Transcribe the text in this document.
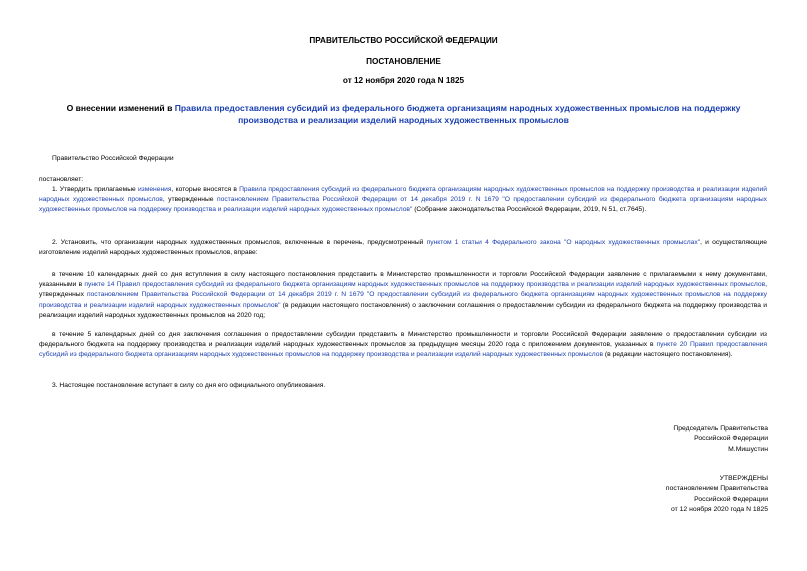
ПРАВИТЕЛЬСТВО РОССИЙСКОЙ ФЕДЕРАЦИИ
ПОСТАНОВЛЕНИЕ
от 12 ноября 2020 года N 1825
О внесении изменений в Правила предоставления субсидий из федерального бюджета организациям народных художественных промыслов на поддержку производства и реализации изделий народных художественных промыслов

Правительство Российской Федерации

постановляет:

1. Утвердить прилагаемые изменения, которые вносятся в Правила предоставления субсидий из федерального бюджета организациям народных художественных промыслов на поддержку производства и реализации изделий народных художественных промыслов, утвержденные постановлением Правительства Российской Федерации от 14 декабря 2019 г. N 1679 "О предоставлении субсидий из федерального бюджета организациям народных художественных промыслов на поддержку производства и реализации изделий народных художественных промыслов" (Собрание законодательства Российской Федерации, 2019, N 51, ст.7645).

2. Установить, что организации народных художественных промыслов, включенные в перечень, предусмотренный пунктом 1 статьи 4 Федерального закона "О народных художественных промыслах", и осуществляющие изготовление изделий народных художественных промыслов, вправе:

в течение 10 календарных дней со дня вступления в силу настоящего постановления представить в Министерство промышленности и торговли Российской Федерации заявление с прилагаемыми к нему документами, указанными в пункте 14 Правил предоставления субсидий из федерального бюджета организациям народных художественных промыслов на поддержку производства и реализации изделий народных художественных промыслов, утвержденных постановлением Правительства Российской Федерации от 14 декабря 2019 г. N 1679 "О предоставлении субсидий из федерального бюджета организациям народных художественных промыслов на поддержку производства и реализации изделий народных художественных промыслов" (в редакции настоящего постановления) о заключении соглашения о предоставлении субсидии из федерального бюджета на поддержку производства и реализации изделий народных художественных промыслов на 2020 год;

в течение 5 календарных дней со дня заключения соглашения о предоставлении субсидии представить в Министерство промышленности и торговли Российской Федерации заявление о предоставлении субсидии из федерального бюджета на поддержку производства и реализации изделий народных художественных промыслов за предыдущие месяцы 2020 года с приложением документов, указанных в пункте 20 Правил предоставления субсидий из федерального бюджета организациям народных художественных промыслов на поддержку производства и реализации изделий народных художественных промыслов (в редакции настоящего постановления).

3. Настоящее постановление вступает в силу со дня его официального опубликования.

Председатель Правительства
Российской Федерации
М.Мишустин
УТВЕРЖДЕНЫ
постановлением Правительства
Российской Федерации
от 12 ноября 2020 года N 1825
